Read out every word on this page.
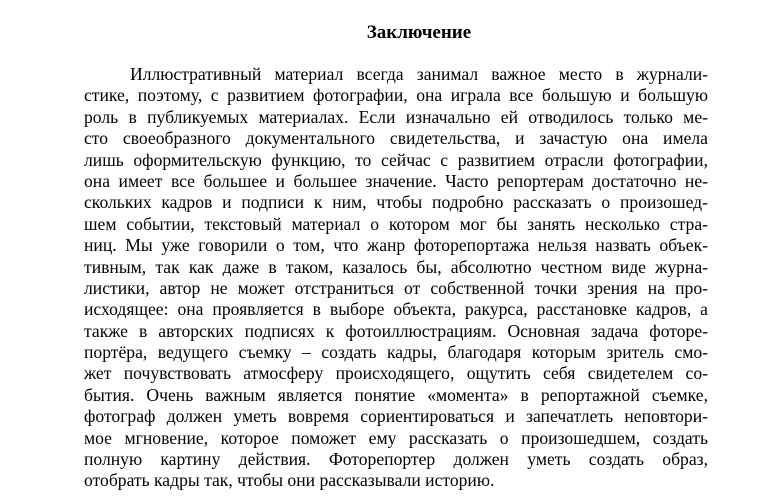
Заключение
Иллюстративный материал всегда занимал важное место в журнали-
стике, поэтому, с развитием фотографии, она играла все большую и большую
роль в публикуемых материалах. Если изначально ей отводилось только ме-
сто своеобразного документального свидетельства, и зачастую она имела
лишь оформительскую функцию, то сейчас с развитием отрасли фотографии,
она имеет все большее и большее значение. Часто репортерам достаточно не-
скольких кадров и подписи к ним, чтобы подробно рассказать о произошед-
шем событии, текстовый материал о котором мог бы занять несколько стра-
ниц. Мы уже говорили о том, что жанр фоторепортажа нельзя назвать объек-
тивным, так как даже в таком, казалось бы, абсолютно честном виде журна-
листики, автор не может отстраниться от собственной точки зрения на про-
исходящее: она проявляется в выборе объекта, ракурса, расстановке кадров, а
также в авторских подписях к фотоиллюстрациям. Основная задача фоторе-
портёра, ведущего съемку – создать кадры, благодаря которым зритель смо-
жет почувствовать атмосферу происходящего, ощутить себя свидетелем со-
бытия. Очень важным является понятие «момента» в репортажной съемке,
фотограф должен уметь вовремя сориентироваться и запечатлеть неповтори-
мое мгновение, которое поможет ему рассказать о произошедшем, создать
полную картину действия. Фоторепортер должен уметь создать образ,
отобрать кадры так, чтобы они рассказывали историю.
